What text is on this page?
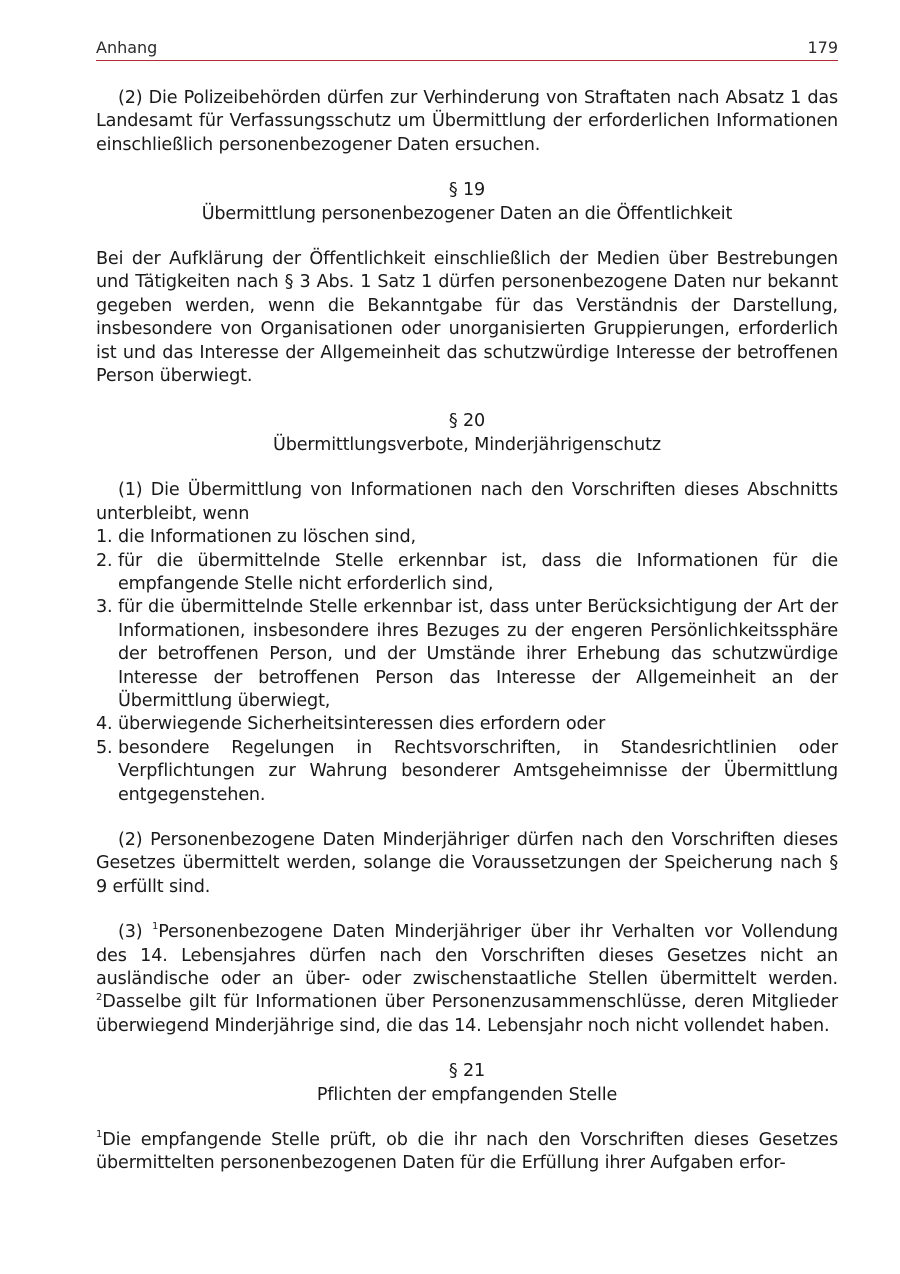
Anhang	179

(2) Die Polizeibehörden dürfen zur Verhinderung von Straftaten nach Absatz 1 das Landesamt für Verfassungsschutz um Übermittlung der erforderlichen Informationen einschließlich personenbezogener Daten ersuchen.

§ 19

Übermittlung personenbezogener Daten an die Öffentlichkeit

Bei der Aufklärung der Öffentlichkeit einschließlich der Medien über Bestrebungen und Tätigkeiten nach § 3 Abs. 1 Satz 1 dürfen personenbezogene Daten nur bekannt gegeben werden, wenn die Bekanntgabe für das Verständnis der Darstellung, insbesondere von Organisationen oder unorganisierten Gruppierungen, erforderlich ist und das Interesse der Allgemeinheit das schutzwürdige Interesse der betroffenen Person überwiegt.

§ 20

Übermittlungsverbote, Minderjährigenschutz

(1) Die Übermittlung von Informationen nach den Vorschriften dieses Abschnitts unterbleibt, wenn

1. die Informationen zu löschen sind,
2. für die übermittelnde Stelle erkennbar ist, dass die Informationen für die empfangende Stelle nicht erforderlich sind,
3. für die übermittelnde Stelle erkennbar ist, dass unter Berücksichtigung der Art der Informationen, insbesondere ihres Bezuges zu der engeren Persönlichkeitssphäre der betroffenen Person, und der Umstände ihrer Erhebung das schutzwürdige Interesse der betroffenen Person das Interesse der Allgemeinheit an der Übermittlung überwiegt,
4. überwiegende Sicherheitsinteressen dies erfordern oder
5. besondere Regelungen in Rechtsvorschriften, in Standesrichtlinien oder Verpflichtungen zur Wahrung besonderer Amtsgeheimnisse der Übermittlung entgegenstehen.

(2) Personenbezogene Daten Minderjähriger dürfen nach den Vorschriften dieses Gesetzes übermittelt werden, solange die Voraussetzungen der Speicherung nach § 9 erfüllt sind.

(3) $^1$Personenbezogene Daten Minderjähriger über ihr Verhalten vor Vollendung des 14. Lebensjahres dürfen nach den Vorschriften dieses Gesetzes nicht an ausländische oder an über- oder zwischenstaatliche Stellen übermittelt werden. $^2$Dasselbe gilt für Informationen über Personenzusammenschlüsse, deren Mitglieder überwiegend Minderjährige sind, die das 14. Lebensjahr noch nicht vollendet haben.

§ 21

Pflichten der empfangenden Stelle

$^1$Die empfangende Stelle prüft, ob die ihr nach den Vorschriften dieses Gesetzes übermittelten personenbezogenen Daten für die Erfüllung ihrer Aufgaben erfor-
